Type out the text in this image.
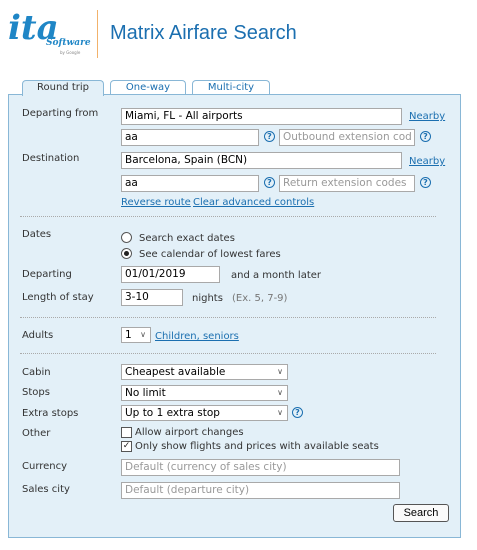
ita
Software
by Google
Matrix Airfare Search
Round trip	One-way	Multi-city
Departing from	Miami, FL - All airports	Nearby
aa	?	Outbound extension cod	?
Destination	Barcelona, Spain (BCN)	Nearby
aa	?	Return extension codes	?
Reverse route Clear advanced controls
Dates	Search exact dates
See calendar of lowest fares
Departing	01/01/2019	and a month later
Length of stay	3-10	nights (Ex. 5, 7-9)
Adults	1 ∨ Children, seniors
Cabin	Cheapest available	∨
Stops	No limit	∨
Extra stops	Up to 1 extra stop	∨	?
Other	Allow airport changes
✓ Only show flights and prices with available seats
Currency	Default (currency of sales city)
Sales city	Default (departure city)
Search
